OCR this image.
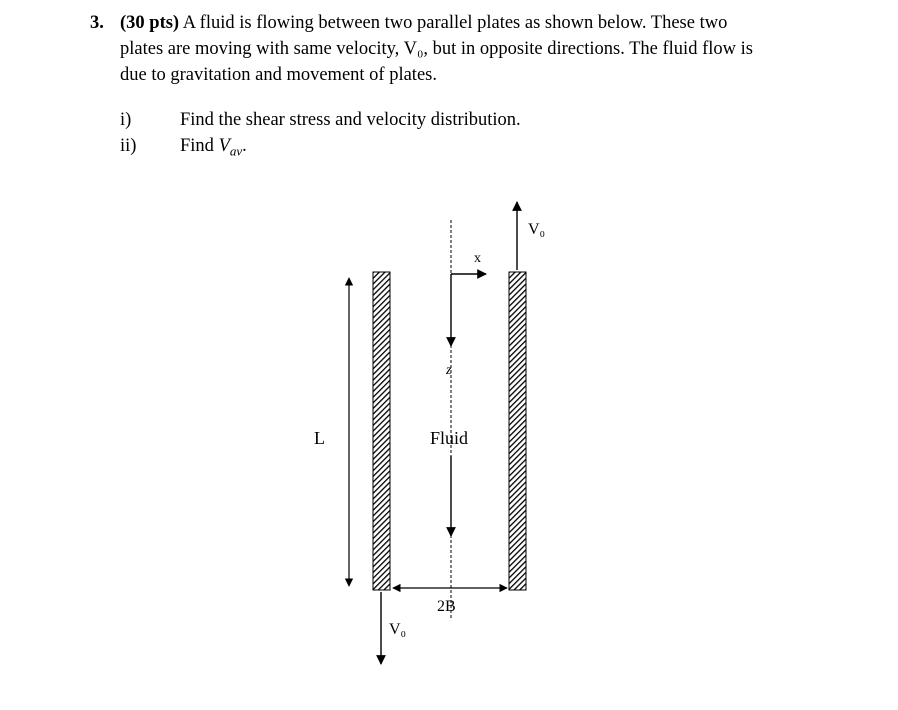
3. (30 pts) A fluid is flowing between two parallel plates as shown below. These two
plates are moving with same velocity, V₀, but in opposite directions. The fluid flow is
due to gravitation and movement of plates.
i)	Find the shear stress and velocity distribution.
ii) Find $V_{av}$.
L
x
z
Fluid
2B
V₀
V₀
